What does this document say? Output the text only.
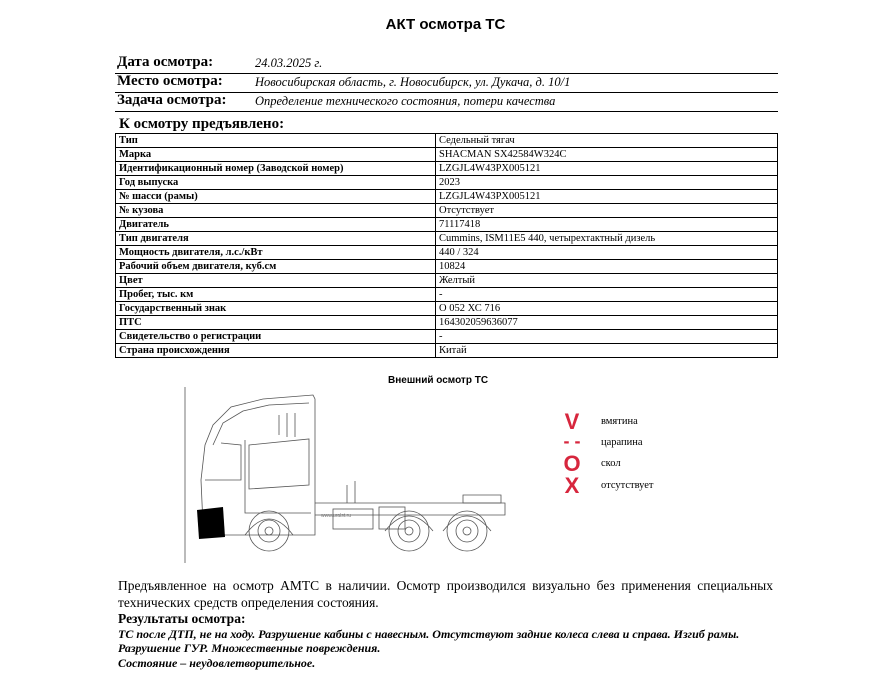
АКТ осмотра ТС
Дата осмотра:	24.03.2025 г.
Место осмотра:	Новосибирская область, г. Новосибирск, ул. Дукача, д. 10/1
Задача осмотра: Определение технического состояния, потери качества
К осмотру предъявлено:
Тип	Седельный тягач
Марка	SHACMAN SX42584W324C
Идентификационный номер (Заводской номер)	LZGJL4W43PX005121
Год выпуска	2023
№ шасси (рамы)	LZGJL4W43PX005121
№ кузова	Отсутствует
Двигатель	71117418
Тип двигателя	Cummins, ISM11E5 440, четырехтактный дизель
Мощность двигателя, л.с./кВт	440 / 324
Рабочий объем двигателя, куб.см	10824
Цвет	Желтый
Пробег, тыс. км	-
Государственный знак	О 052 ХС 716
ПТС	164302059636077
Свидетельство о регистрации	-
Страна происхождения	Китай
Внешний осмотр ТС
www.uralst.ru
V	вмятина
- -	царапина
O	скол
X	отсутствует
Предъявленное на осмотр АМТС в наличии. Осмотр производился визуально без применения специальных технических средств определения состояния.
Результаты осмотра:
ТС после ДТП, не на ходу. Разрушение кабины с навесным. Отсутствуют задние колеса слева и справа. Изгиб рамы. Разрушение ГУР. Множественные повреждения.
Состояние – неудовлетворительное.
